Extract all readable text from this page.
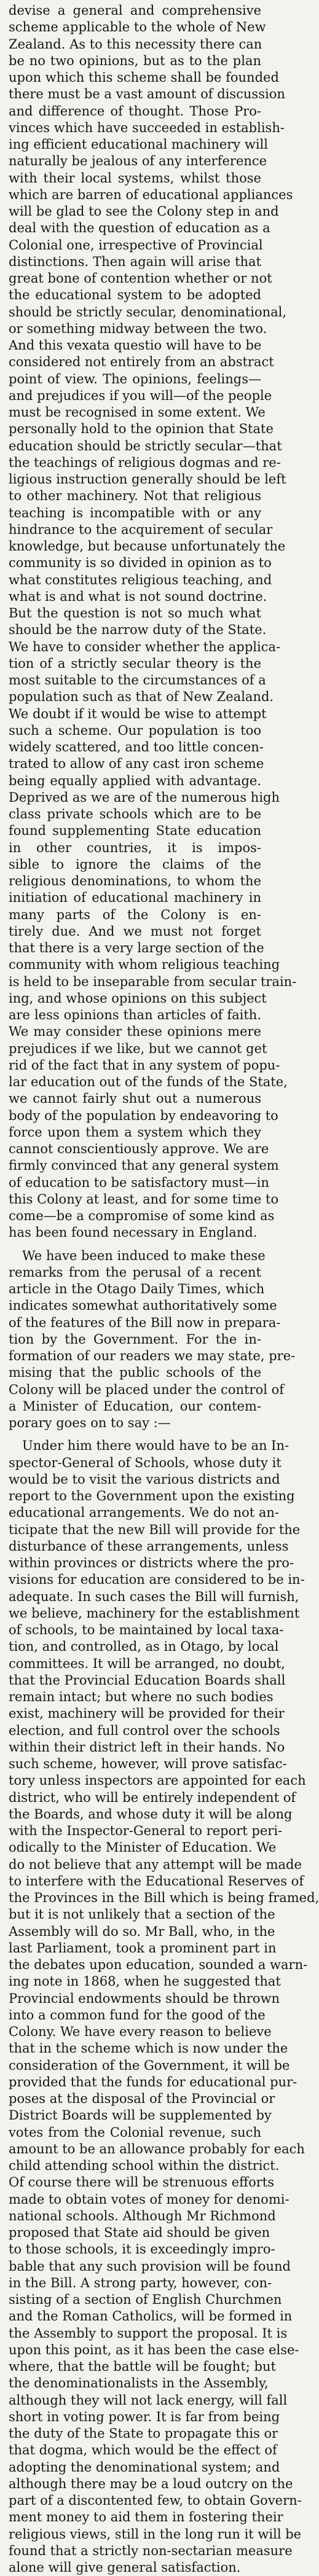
devise a general and comprehensive
scheme applicable to the whole of New
Zealand. As to this necessity there can
be no two opinions, but as to the plan
upon which this scheme shall be founded
there must be a vast amount of discussion
and difference of thought. Those Pro-
vinces which have succeeded in establish-
ing efficient educational machinery will
naturally be jealous of any interference
with their local systems, whilst those
which are barren of educational appliances
will be glad to see the Colony step in and
deal with the question of education as a
Colonial one, irrespective of Provincial
distinctions. Then again will arise that
great bone of contention whether or not
the educational system to be adopted
should be strictly secular, denominational,
or something midway between the two.
And this vexata questio will have to be
considered not entirely from an abstract
point of view. The opinions, feelings—
and prejudices if you will—of the people
must be recognised in some extent. We
personally hold to the opinion that State
education should be strictly secular—that
the teachings of religious dogmas and re-
ligious instruction generally should be left
to other machinery. Not that religious
teaching is incompatible with or any
hindrance to the acquirement of secular
knowledge, but because unfortunately the
community is so divided in opinion as to
what constitutes religious teaching, and
what is and what is not sound doctrine.
But the question is not so much what
should be the narrow duty of the State.
We have to consider whether the applica-
tion of a strictly secular theory is the
most suitable to the circumstances of a
population such as that of New Zealand.
We doubt if it would be wise to attempt
such a scheme. Our population is too
widely scattered, and too little concen-
trated to allow of any cast iron scheme
being equally applied with advantage.
Deprived as we are of the numerous high
class private schools which are to be
found supplementing State education
in other countries, it is impos-
sible to ignore the claims of the
religious denominations, to whom the
initiation of educational machinery in
many parts of the Colony is en-
tirely due. And we must not forget
that there is a very large section of the
community with whom religious teaching
is held to be inseparable from secular train-
ing, and whose opinions on this subject
are less opinions than articles of faith.
We may consider these opinions mere
prejudices if we like, but we cannot get
rid of the fact that in any system of popu-
lar education out of the funds of the State,
we cannot fairly shut out a numerous
body of the population by endeavoring to
force upon them a system which they
cannot conscientiously approve. We are
firmly convinced that any general system
of education to be satisfactory must—in
this Colony at least, and for some time to
come—be a compromise of some kind as
has been found necessary in England.
We have been induced to make these
remarks from the perusal of a recent
article in the Otago Daily Times, which
indicates somewhat authoritatively some
of the features of the Bill now in prepara-
tion by the Government. For the in-
formation of our readers we may state, pre-
mising that the public schools of the
Colony will be placed under the control of
a Minister of Education, our contem-
porary goes on to say :—
Under him there would have to be an In-
spector-General of Schools, whose duty it
would be to visit the various districts and
report to the Government upon the existing
educational arrangements. We do not an-
ticipate that the new Bill will provide for the
disturbance of these arrangements, unless
within provinces or districts where the pro-
visions for education are considered to be in-
adequate. In such cases the Bill will furnish,
we believe, machinery for the establishment
of schools, to be maintained by local taxa-
tion, and controlled, as in Otago, by local
committees. It will be arranged, no doubt,
that the Provincial Education Boards shall
remain intact; but where no such bodies
exist, machinery will be provided for their
election, and full control over the schools
within their district left in their hands. No
such scheme, however, will prove satisfac-
tory unless inspectors are appointed for each
district, who will be entirely independent of
the Boards, and whose duty it will be along
with the Inspector-General to report peri-
odically to the Minister of Education. We
do not believe that any attempt will be made
to interfere with the Educational Reserves of
the Provinces in the Bill which is being framed,
but it is not unlikely that a section of the
Assembly will do so. Mr Ball, who, in the
last Parliament, took a prominent part in
the debates upon education, sounded a warn-
ing note in 1868, when he suggested that
Provincial endowments should be thrown
into a common fund for the good of the
Colony. We have every reason to believe
that in the scheme which is now under the
consideration of the Government, it will be
provided that the funds for educational pur-
poses at the disposal of the Provincial or
District Boards will be supplemented by
votes from the Colonial revenue, such
amount to be an allowance probably for each
child attending school within the district.
Of course there will be strenuous efforts
made to obtain votes of money for denomi-
national schools. Although Mr Richmond
proposed that State aid should be given
to those schools, it is exceedingly impro-
bable that any such provision will be found
in the Bill. A strong party, however, con-
sisting of a section of English Churchmen
and the Roman Catholics, will be formed in
the Assembly to support the proposal. It is
upon this point, as it has been the case else-
where, that the battle will be fought; but
the denominationalists in the Assembly,
although they will not lack energy, will fall
short in voting power. It is far from being
the duty of the State to propagate this or
that dogma, which would be the effect of
adopting the denominational system; and
although there may be a loud outcry on the
part of a discontented few, to obtain Govern-
ment money to aid them in fostering their
religious views, still in the long run it will be
found that a strictly non-sectarian measure
alone will give general satisfaction.
